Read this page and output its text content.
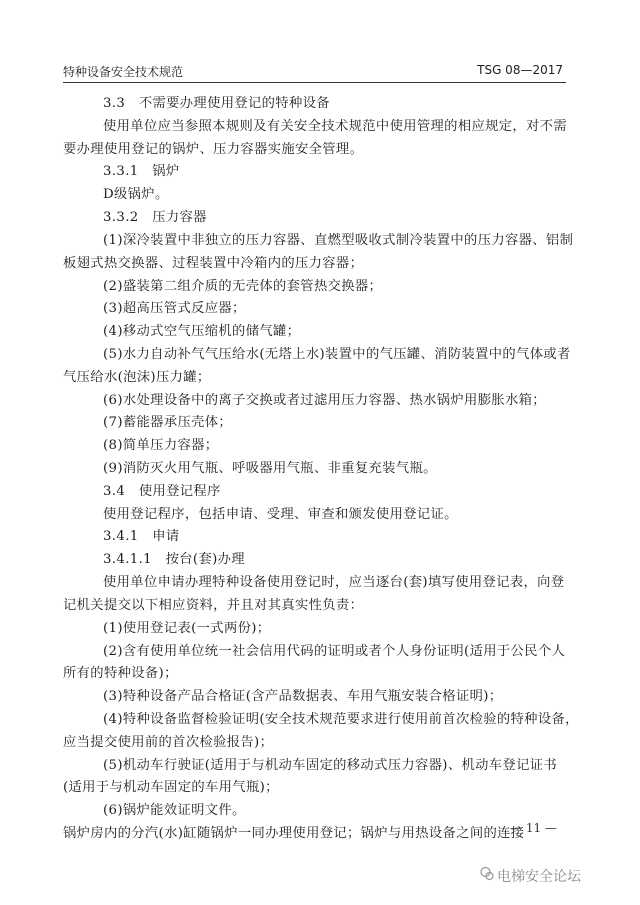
特种设备安全技术规范	TSG 08—2017

3.3　不需要办理使用登记的特种设备

使用单位应当参照本规则及有关安全技术规范中使用管理的相应规定，对不需

要办理使用登记的锅炉、压力容器实施安全管理。

3.3.1　锅炉

D级锅炉。

3.3.2　压力容器

(1)深冷装置中非独立的压力容器、直燃型吸收式制冷装置中的压力容器、铝制

板翅式热交换器、过程装置中冷箱内的压力容器；

(2)盛装第二组介质的无壳体的套管热交换器；

(3)超高压管式反应器；

(4)移动式空气压缩机的储气罐；

(5)水力自动补气气压给水(无塔上水)装置中的气压罐、消防装置中的气体或者

气压给水(泡沫)压力罐；

(6)水处理设备中的离子交换或者过滤用压力容器、热水锅炉用膨胀水箱；

(7)蓄能器承压壳体；

(8)简单压力容器；

(9)消防灭火用气瓶、呼吸器用气瓶、非重复充装气瓶。

3.4　使用登记程序

使用登记程序，包括申请、受理、审查和颁发使用登记证。

3.4.1　申请

3.4.1.1　按台(套)办理

使用单位申请办理特种设备使用登记时，应当逐台(套)填写使用登记表，向登

记机关提交以下相应资料，并且对其真实性负责：

(1)使用登记表(一式两份)；

(2)含有使用单位统一社会信用代码的证明或者个人身份证明(适用于公民个人

所有的特种设备)；

(3)特种设备产品合格证(含产品数据表、车用气瓶安装合格证明)；

(4)特种设备监督检验证明(安全技术规范要求进行使用前首次检验的特种设备，

应当提交使用前的首次检验报告)；

(5)机动车行驶证(适用于与机动车固定的移动式压力容器)、机动车登记证书

(适用于与机动车固定的车用气瓶)；

(6)锅炉能效证明文件。

锅炉房内的分汽(水)缸随锅炉一同办理使用登记；锅炉与用热设备之间的连接

— 11 —
电梯安全论坛
